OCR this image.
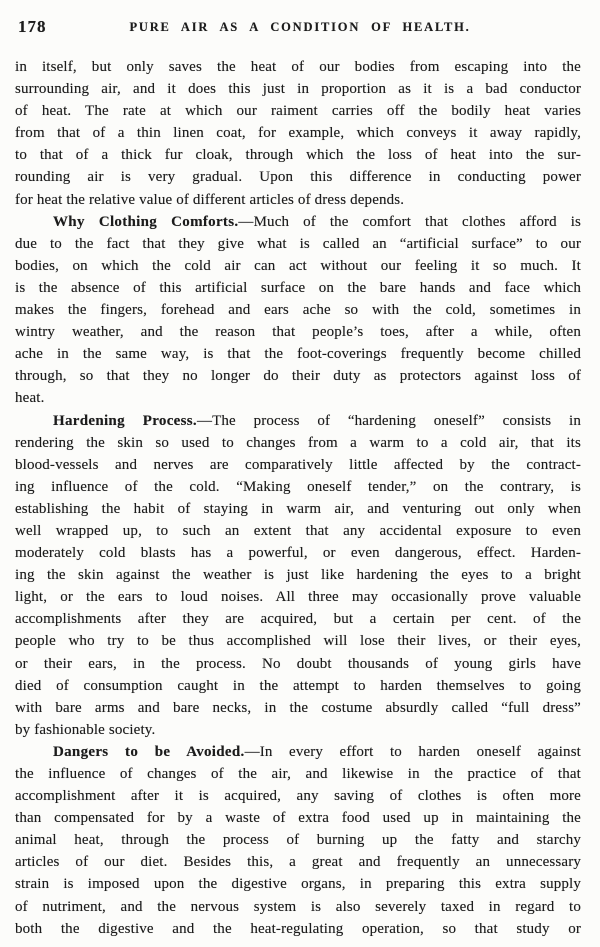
178	PURE AIR AS A CONDITION OF HEALTH.
in itself, but only saves the heat of our bodies from escaping into the
surrounding air, and it does this just in proportion as it is a bad conductor
of heat. The rate at which our raiment carries off the bodily heat varies
from that of a thin linen coat, for example, which conveys it away rapidly,
to that of a thick fur cloak, through which the loss of heat into the sur-
rounding air is very gradual. Upon this difference in conducting power
for heat the relative value of different articles of dress depends.
Why Clothing Comforts.—Much of the comfort that clothes afford is
due to the fact that they give what is called an “artificial surface” to our
bodies, on which the cold air can act without our feeling it so much. It
is the absence of this artificial surface on the bare hands and face which
makes the fingers, forehead and ears ache so with the cold, sometimes in
wintry weather, and the reason that people’s toes, after a while, often
ache in the same way, is that the foot-coverings frequently become chilled
through, so that they no longer do their duty as protectors against loss of
heat.
Hardening Process.—The process of “hardening oneself” consists in
rendering the skin so used to changes from a warm to a cold air, that its
blood-vessels and nerves are comparatively little affected by the contract-
ing influence of the cold. “Making oneself tender,” on the contrary, is
establishing the habit of staying in warm air, and venturing out only when
well wrapped up, to such an extent that any accidental exposure to even
moderately cold blasts has a powerful, or even dangerous, effect. Harden-
ing the skin against the weather is just like hardening the eyes to a bright
light, or the ears to loud noises. All three may occasionally prove valuable
accomplishments after they are acquired, but a certain per cent. of the
people who try to be thus accomplished will lose their lives, or their eyes,
or their ears, in the process. No doubt thousands of young girls have
died of consumption caught in the attempt to harden themselves to going
with bare arms and bare necks, in the costume absurdly called “full dress”
by fashionable society.
Dangers to be Avoided.—In every effort to harden oneself against
the influence of changes of the air, and likewise in the practice of that
accomplishment after it is acquired, any saving of clothes is often more
than compensated for by a waste of extra food used up in maintaining the
animal heat, through the process of burning up the fatty and starchy
articles of our diet. Besides this, a great and frequently an unnecessary
strain is imposed upon the digestive organs, in preparing this extra supply
of nutriment, and the nervous system is also severely taxed in regard to
both the digestive and the heat-regulating operation, so that study or
